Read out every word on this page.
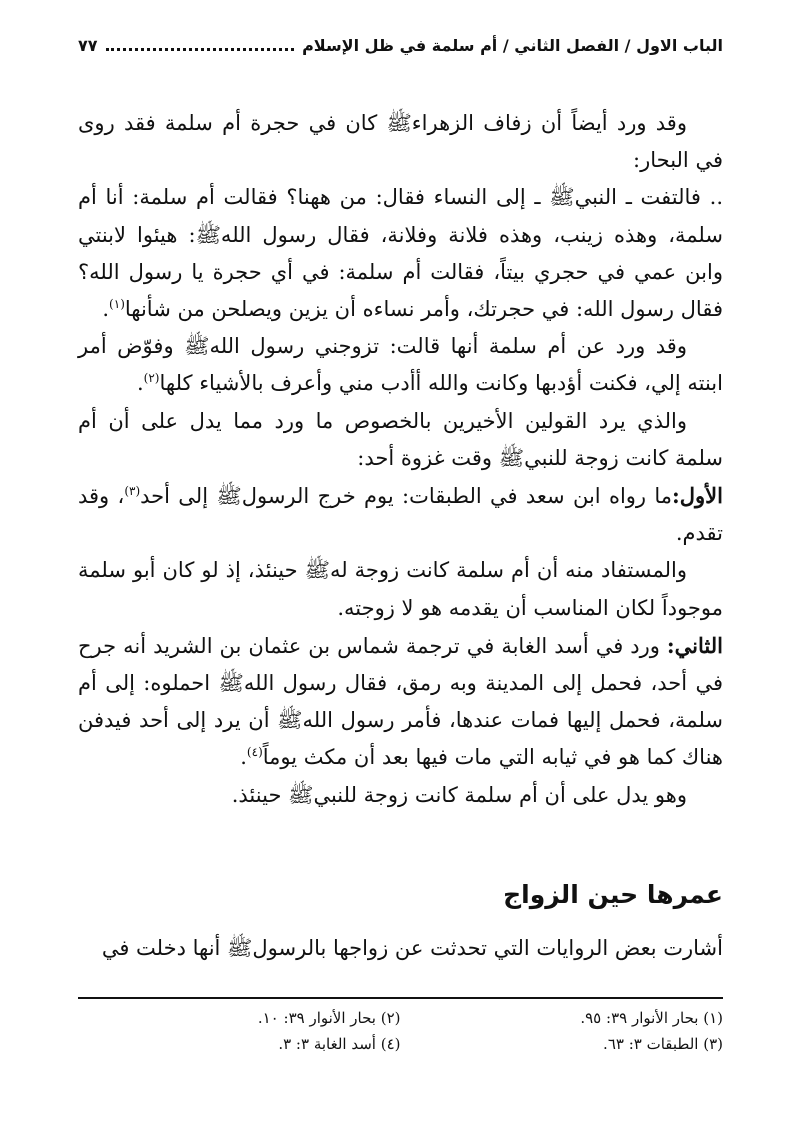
الباب الاول / الفصل الثاني / أم سلمة في ظل الإسلام
٧٧

وقد ورد أيضاً أن زفاف الزهراءﷺ كان في حجرة أم سلمة فقد روى في البحار:

.. فالتفت ـ النبيﷺ ـ إلى النساء فقال: من ههنا؟ فقالت أم سلمة: أنا أم سلمة، وهذه زينب، وهذه فلانة وفلانة، فقال رسول اللهﷺ: هيئوا لابنتي وابن عمي في حجري بيتاً، فقالت أم سلمة: في أي حجرة يا رسول الله؟ فقال رسول الله: في حجرتك، وأمر نساءه أن يزين ويصلحن من شأنها$^{(١)}$.

وقد ورد عن أم سلمة أنها قالت: تزوجني رسول اللهﷺ وفوّض أمر ابنته إلي، فكنت أؤدبها وكانت والله أأدب مني وأعرف بالأشياء كلها$^{(٢)}$.

والذي يرد القولين الأخيرين بالخصوص ما ورد مما يدل على أن أم سلمة كانت زوجة للنبيﷺ وقت غزوة أحد:

الأول:ما رواه ابن سعد في الطبقات: يوم خرج الرسولﷺ إلى أحد$^{(٣)}$، وقد تقدم.

والمستفاد منه أن أم سلمة كانت زوجة لهﷺ حينئذ، إذ لو كان أبو سلمة موجوداً لكان المناسب أن يقدمه هو لا زوجته.

الثاني: ورد في أسد الغابة في ترجمة شماس بن عثمان بن الشريد أنه جرح في أحد، فحمل إلى المدينة وبه رمق، فقال رسول اللهﷺ احملوه: إلى أم سلمة، فحمل إليها فمات عندها، فأمر رسول اللهﷺ أن يرد إلى أحد فيدفن هناك كما هو في ثيابه التي مات فيها بعد أن مكث يوماً$^{(٤)}$.

وهو يدل على أن أم سلمة كانت زوجة للنبيﷺ حينئذ.

عمرها حين الزواج

أشارت بعض الروايات التي تحدثت عن زواجها بالرسولﷺ أنها دخلت في

(١) بحار الأنوار ٣٩: ٩٥.
(٢) بحار الأنوار ٣٩: ١٠.
(٣) الطبقات ٣: ٦٣.
(٤) أسد الغابة ٣: ٣.
